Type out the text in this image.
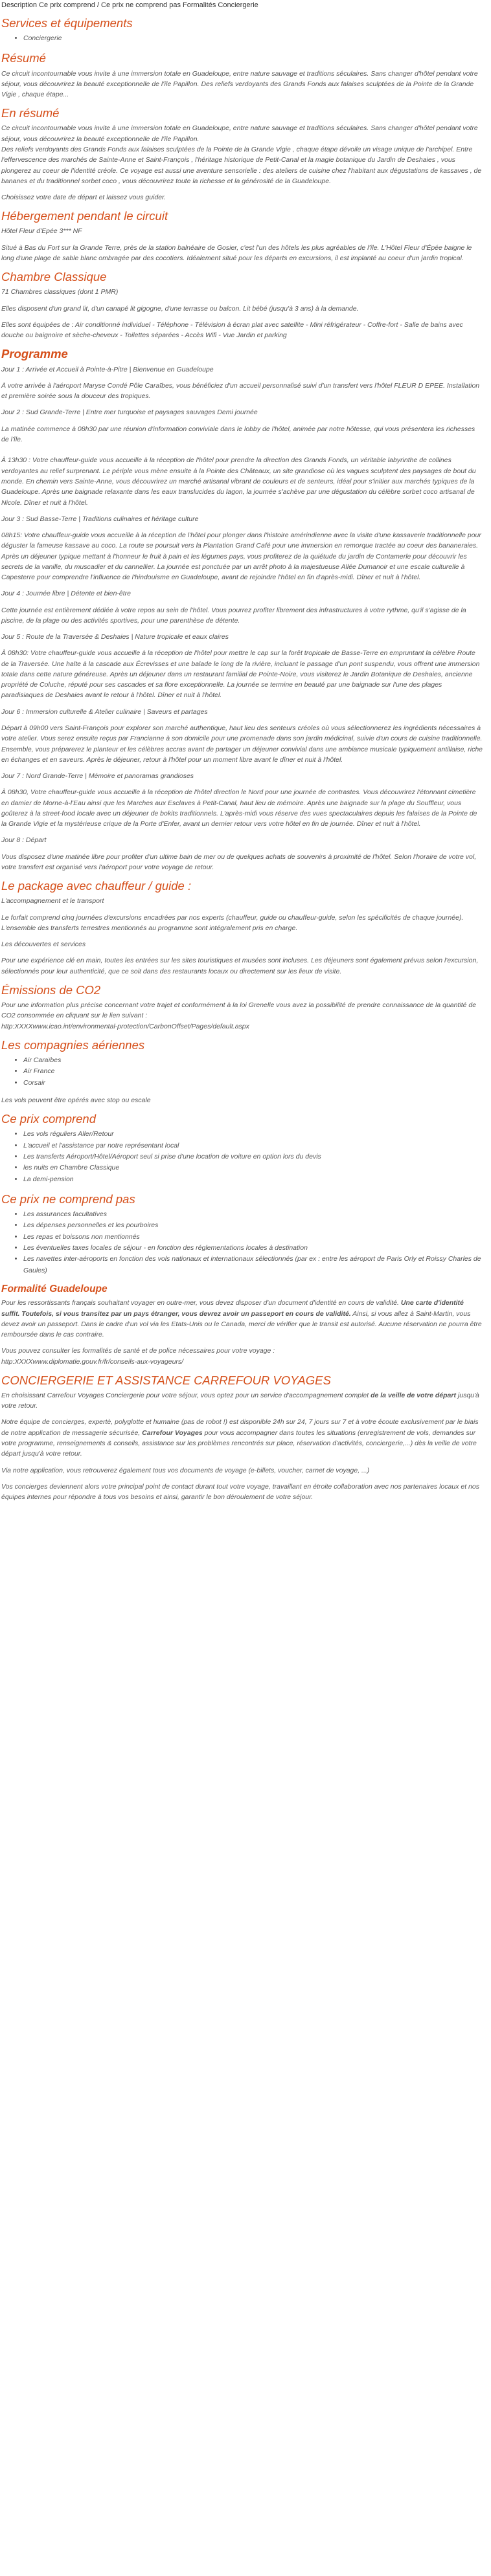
Description Ce prix comprend / Ce prix ne comprend pas Formalités Conciergerie

Services et équipements
• Conciergerie
Résumé

Ce circuit incontournable vous invite à une immersion totale en Guadeloupe, entre nature sauvage et traditions séculaires. Sans changer d'hôtel pendant votre séjour, vous découvrirez la beauté exceptionnelle de l'île Papillon. Des reliefs verdoyants des Grands Fonds aux falaises sculptées de la Pointe de la Grande Vigie , chaque étape...

En résumé

Ce circuit incontournable vous invite à une immersion totale en Guadeloupe, entre nature sauvage et traditions séculaires. Sans changer d'hôtel pendant votre séjour, vous découvrirez la beauté exceptionnelle de l'île Papillon.

Des reliefs verdoyants des Grands Fonds aux falaises sculptées de la Pointe de la Grande Vigie , chaque étape dévoile un visage unique de l'archipel. Entre l'effervescence des marchés de Sainte-Anne et Saint-François , l'héritage historique de Petit-Canal et la magie botanique du Jardin de Deshaies , vous plongerez au coeur de l'identité créole. Ce voyage est aussi une aventure sensorielle : des ateliers de cuisine chez l'habitant aux dégustations de kassaves , de bananes et du traditionnel sorbet coco , vous découvrirez toute la richesse et la générosité de la Guadeloupe.

Choisissez votre date de départ et laissez vous guider.

Hébergement pendant le circuit

Hôtel Fleur d'Epée 3*** NF

Situé à Bas du Fort sur la Grande Terre, près de la station balnéaire de Gosier, c'est l'un des hôtels les plus agréables de l'île. L'Hôtel Fleur d'Épée baigne le long d'une plage de sable blanc ombragée par des cocotiers. Idéalement situé pour les départs en excursions, il est implanté au coeur d'un jardin tropical.

Chambre Classique

71 Chambres classiques (dont 1 PMR)

Elles disposent d'un grand lit, d'un canapé lit gigogne, d'une terrasse ou balcon. Lit bébé (jusqu'à 3 ans) à la demande.

Elles sont équipées de : Air conditionné individuel - Téléphone - Télévision à écran plat avec satellite - Mini réfrigérateur - Coffre-fort - Salle de bains avec douche ou baignoire et sèche-cheveux - Toilettes séparées - Accès Wifi - Vue Jardin et parking

Programme

Jour 1 : Arrivée et Accueil à Pointe-à-Pitre | Bienvenue en Guadeloupe

À votre arrivée à l'aéroport Maryse Condé Pôle Caraïbes, vous bénéficiez d'un accueil personnalisé suivi d'un transfert vers l'hôtel FLEUR D EPEE. Installation et première soirée sous la douceur des tropiques.

Jour 2 : Sud Grande-Terre | Entre mer turquoise et paysages sauvages Demi journée

La matinée commence à 08h30 par une réunion d'information conviviale dans le lobby de l'hôtel, animée par notre hôtesse, qui vous présentera les richesses de l'île.

À 13h30 : Votre chauffeur-guide vous accueille à la réception de l'hôtel pour prendre la direction des Grands Fonds, un véritable labyrinthe de collines verdoyantes au relief surprenant. Le périple vous mène ensuite à la Pointe des Châteaux, un site grandiose où les vagues sculptent des paysages de bout du monde. En chemin vers Sainte-Anne, vous découvrirez un marché artisanal vibrant de couleurs et de senteurs, idéal pour s'initier aux marchés typiques de la Guadeloupe. Après une baignade relaxante dans les eaux translucides du lagon, la journée s'achève par une dégustation du célèbre sorbet coco artisanal de Nicole. Dîner et nuit à l'hôtel.

Jour 3 : Sud Basse-Terre | Traditions culinaires et héritage culture

08h15: Votre chauffeur-guide vous accueille à la réception de l'hôtel pour plonger dans l'histoire amérindienne avec la visite d'une kassaverie traditionnelle pour déguster la fameuse kassave au coco. La route se poursuit vers la Plantation Grand Café pour une immersion en remorque tractée au coeur des bananeraies. Après un déjeuner typique mettant à l'honneur le fruit à pain et les légumes pays, vous profiterez de la quiétude du jardin de Contamerle pour découvrir les secrets de la vanille, du muscadier et du cannellier. La journée est ponctuée par un arrêt photo à la majestueuse Allée Dumanoir et une escale culturelle à Capesterre pour comprendre l'influence de l'hindouisme en Guadeloupe, avant de rejoindre l'hôtel en fin d'après-midi. Dîner et nuit à l'hôtel.

Jour 4 : Journée libre | Détente et bien-être

Cette journée est entièrement dédiée à votre repos au sein de l'hôtel. Vous pourrez profiter librement des infrastructures à votre rythme, qu'il s'agisse de la piscine, de la plage ou des activités sportives, pour une parenthèse de détente.

Jour 5 : Route de la Traversée & Deshaies | Nature tropicale et eaux claires

À 08h30: Votre chauffeur-guide vous accueille à la réception de l'hôtel pour mettre le cap sur la forêt tropicale de Basse-Terre en empruntant la célèbre Route de la Traversée. Une halte à la cascade aux Écrevisses et une balade le long de la rivière, incluant le passage d'un pont suspendu, vous offrent une immersion totale dans cette nature généreuse. Après un déjeuner dans un restaurant familial de Pointe-Noire, vous visiterez le Jardin Botanique de Deshaies, ancienne propriété de Coluche, réputé pour ses cascades et sa flore exceptionnelle. La journée se termine en beauté par une baignade sur l'une des plages paradisiaques de Deshaies avant le retour à l'hôtel. Dîner et nuit à l'hôtel.

Jour 6 : Immersion culturelle & Atelier culinaire | Saveurs et partages

Départ à 09h00 vers Saint-François pour explorer son marché authentique, haut lieu des senteurs créoles où vous sélectionnerez les ingrédients nécessaires à votre atelier. Vous serez ensuite reçus par Francianne à son domicile pour une promenade dans son jardin médicinal, suivie d'un cours de cuisine traditionnelle. Ensemble, vous préparerez le planteur et les célèbres accras avant de partager un déjeuner convivial dans une ambiance musicale typiquement antillaise, riche en échanges et en saveurs. Après le déjeuner, retour à l'hôtel pour un moment libre avant le dîner et nuit à l'hôtel.

Jour 7 : Nord Grande-Terre | Mémoire et panoramas grandioses

À 08h30, Votre chauffeur-guide vous accueille à la réception de l'hôtel direction le Nord pour une journée de contrastes. Vous découvrirez l'étonnant cimetière en damier de Morne-à-l'Eau ainsi que les Marches aux Esclaves à Petit-Canal, haut lieu de mémoire. Après une baignade sur la plage du Souffleur, vous goûterez à la street-food locale avec un déjeuner de bokits traditionnels. L'après-midi vous réserve des vues spectaculaires depuis les falaises de la Pointe de la Grande Vigie et la mystérieuse crique de la Porte d'Enfer, avant un dernier retour vers votre hôtel en fin de journée. Dîner et nuit à l'hôtel.

Jour 8 : Départ

Vous disposez d'une matinée libre pour profiter d'un ultime bain de mer ou de quelques achats de souvenirs à proximité de l'hôtel. Selon l'horaire de votre vol, votre transfert est organisé vers l'aéroport pour votre voyage de retour.

Le package avec chauffeur / guide :

L'accompagnement et le transport

Le forfait comprend cinq journées d'excursions encadrées par nos experts (chauffeur, guide ou chauffeur-guide, selon les spécificités de chaque journée). L'ensemble des transferts terrestres mentionnés au programme sont intégralement pris en charge.

Les découvertes et services

Pour une expérience clé en main, toutes les entrées sur les sites touristiques et musées sont incluses. Les déjeuners sont également prévus selon l'excursion, sélectionnés pour leur authenticité, que ce soit dans des restaurants locaux ou directement sur les lieux de visite.

Émissions de CO2

Pour une information plus précise concernant votre trajet et conformément à la loi Grenelle vous avez la possibilité de prendre connaissance de la quantité de CO2 consommée en cliquant sur le lien suivant :

http:XXXXwww.icao.int/environmental-protection/CarbonOffset/Pages/default.aspx

Les compagnies aériennes
• Air Caraïbes
• Air France
• Corsair

Les vols peuvent être opérés avec stop ou escale

Ce prix comprend
• Les vols réguliers Aller/Retour
• L'accueil et l'assistance par notre représentant local
• Les transferts Aéroport/Hôtel/Aéroport seul si prise d'une location de voiture en option lors du devis
• les nuits en Chambre Classique
• La demi-pension
Ce prix ne comprend pas
• Les assurances facultatives
• Les dépenses personnelles et les pourboires
• Les repas et boissons non mentionnés
• Les éventuelles taxes locales de séjour - en fonction des réglementations locales à destination
• Les navettes inter-aéroports en fonction des vols nationaux et internationaux sélectionnés (par ex : entre les aéroport de Paris Orly et Roissy Charles de Gaules)
Formalité Guadeloupe

Pour les ressortissants français souhaitant voyager en outre-mer, vous devez disposer d'un document d'identité en cours de validité. Une carte d'identité suffit. Toutefois, si vous transitez par un pays étranger, vous devrez avoir un passeport en cours de validité. Ainsi, si vous allez à Saint-Martin, vous devez avoir un passeport. Dans le cadre d'un vol via les Etats-Unis ou le Canada, merci de vérifier que le transit est autorisé. Aucune réservation ne pourra être remboursée dans le cas contraire.

Vous pouvez consulter les formalités de santé et de police nécessaires pour votre voyage :

http:XXXXwww.diplomatie.gouv.fr/fr/conseils-aux-voyageurs/

CONCIERGERIE ET ASSISTANCE CARREFOUR VOYAGES

En choisissant Carrefour Voyages Conciergerie pour votre séjour, vous optez pour un service d'accompagnement complet de la veille de votre départ jusqu'à votre retour.

Notre équipe de concierges, expertè, polyglotte et humaine (pas de robot !) est disponible 24h sur 24, 7 jours sur 7 et à votre écoute exclusivement par le biais de notre application de messagerie sécurisée, Carrefour Voyages pour vous accompagner dans toutes les situations (enregistrement de vols, demandes sur votre programme, renseignements & conseils, assistance sur les problèmes rencontrés sur place, réservation d'activités, conciergerie,...) dès la veille de votre départ jusqu'à votre retour.

Via notre application, vous retrouverez également tous vos documents de voyage (e-billets, voucher, carnet de voyage, ...)

Vos concierges deviennent alors votre principal point de contact durant tout votre voyage, travaillant en étroite collaboration avec nos partenaires locaux et nos équipes internes pour répondre à tous vos besoins et ainsi, garantir le bon déroulement de votre séjour.
